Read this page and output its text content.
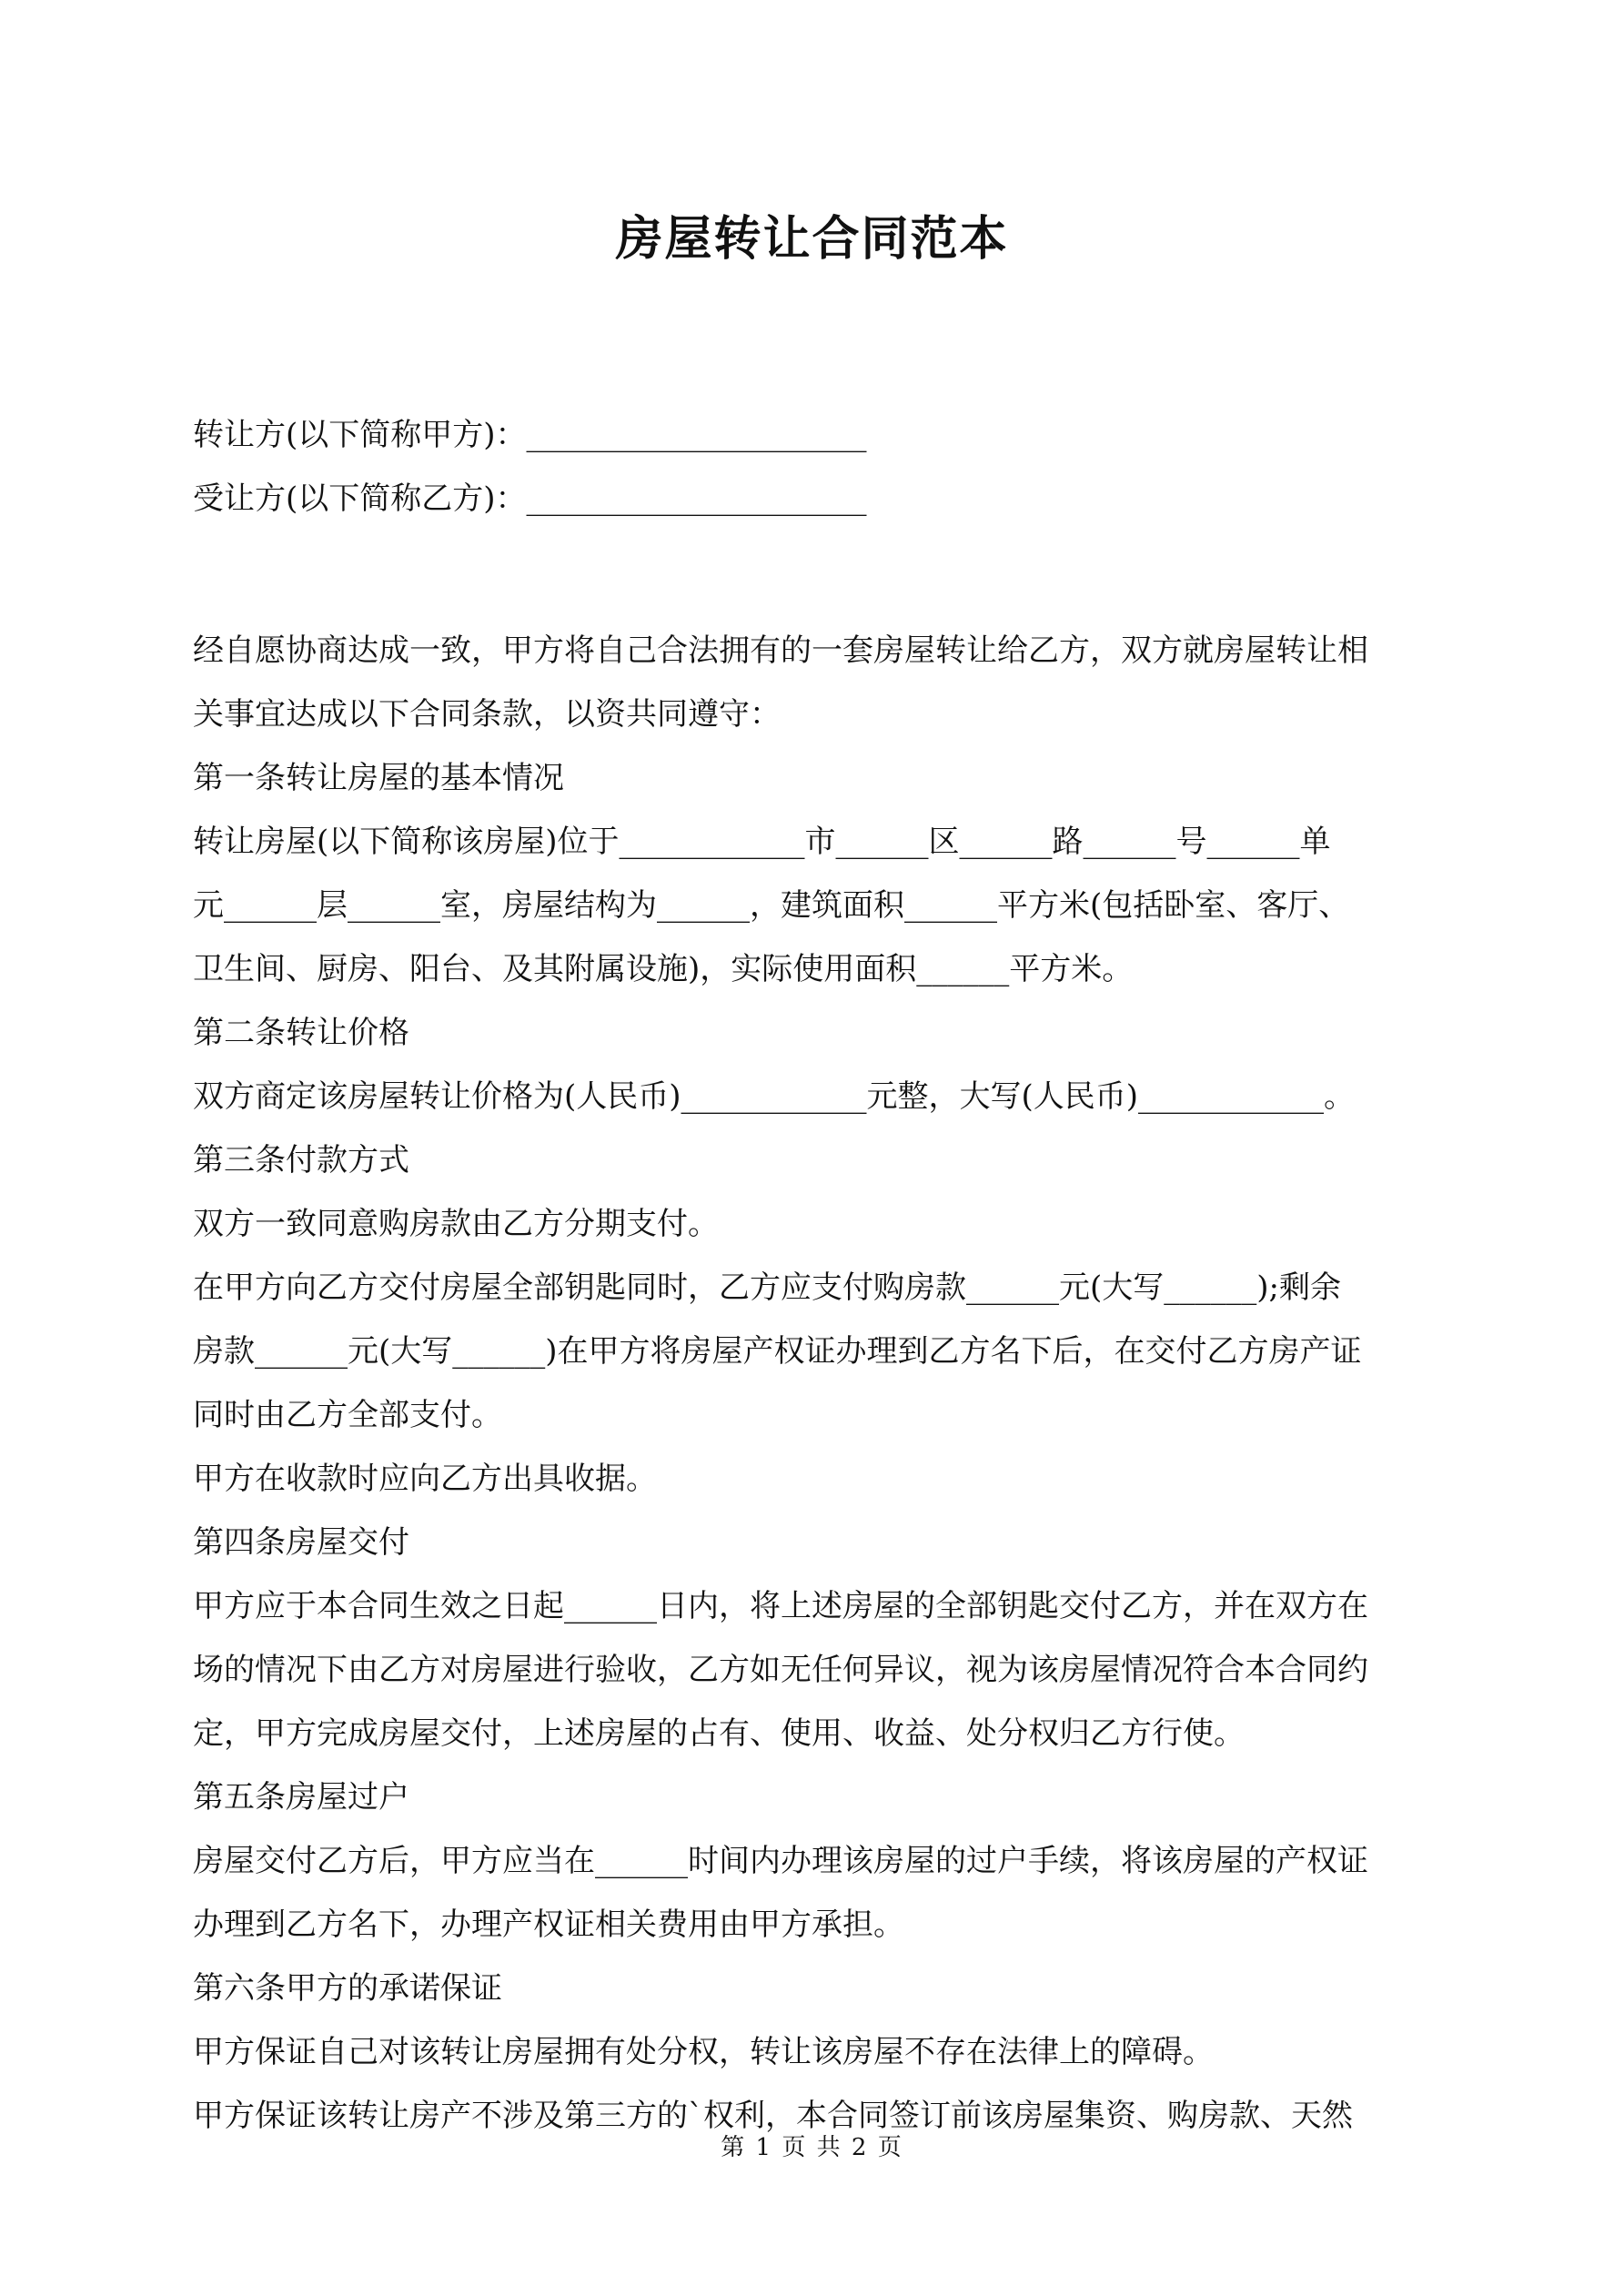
房屋转让合同范本
转让方(以下简称甲方)：______________________
受让方(以下简称乙方)：______________________
经自愿协商达成一致，甲方将自己合法拥有的一套房屋转让给乙方，双方就房屋转让相
关事宜达成以下合同条款，以资共同遵守：
第一条转让房屋的基本情况
转让房屋(以下简称该房屋)位于____________市______区______路______号______单
元______层______室，房屋结构为______，建筑面积______平方米(包括卧室、客厅、
卫生间、厨房、阳台、及其附属设施)，实际使用面积______平方米。
第二条转让价格
双方商定该房屋转让价格为(人民币)____________元整，大写(人民币)____________。
第三条付款方式
双方一致同意购房款由乙方分期支付。
在甲方向乙方交付房屋全部钥匙同时，乙方应支付购房款______元(大写______);剩余
房款______元(大写______)在甲方将房屋产权证办理到乙方名下后，在交付乙方房产证
同时由乙方全部支付。
甲方在收款时应向乙方出具收据。
第四条房屋交付
甲方应于本合同生效之日起______日内，将上述房屋的全部钥匙交付乙方，并在双方在
场的情况下由乙方对房屋进行验收，乙方如无任何异议，视为该房屋情况符合本合同约
定，甲方完成房屋交付，上述房屋的占有、使用、收益、处分权归乙方行使。
第五条房屋过户
房屋交付乙方后，甲方应当在______时间内办理该房屋的过户手续，将该房屋的产权证
办理到乙方名下，办理产权证相关费用由甲方承担。
第六条甲方的承诺保证
甲方保证自己对该转让房屋拥有处分权，转让该房屋不存在法律上的障碍。
甲方保证该转让房产不涉及第三方的`权利，本合同签订前该房屋集资、购房款、天然
第 1 页 共 2 页
